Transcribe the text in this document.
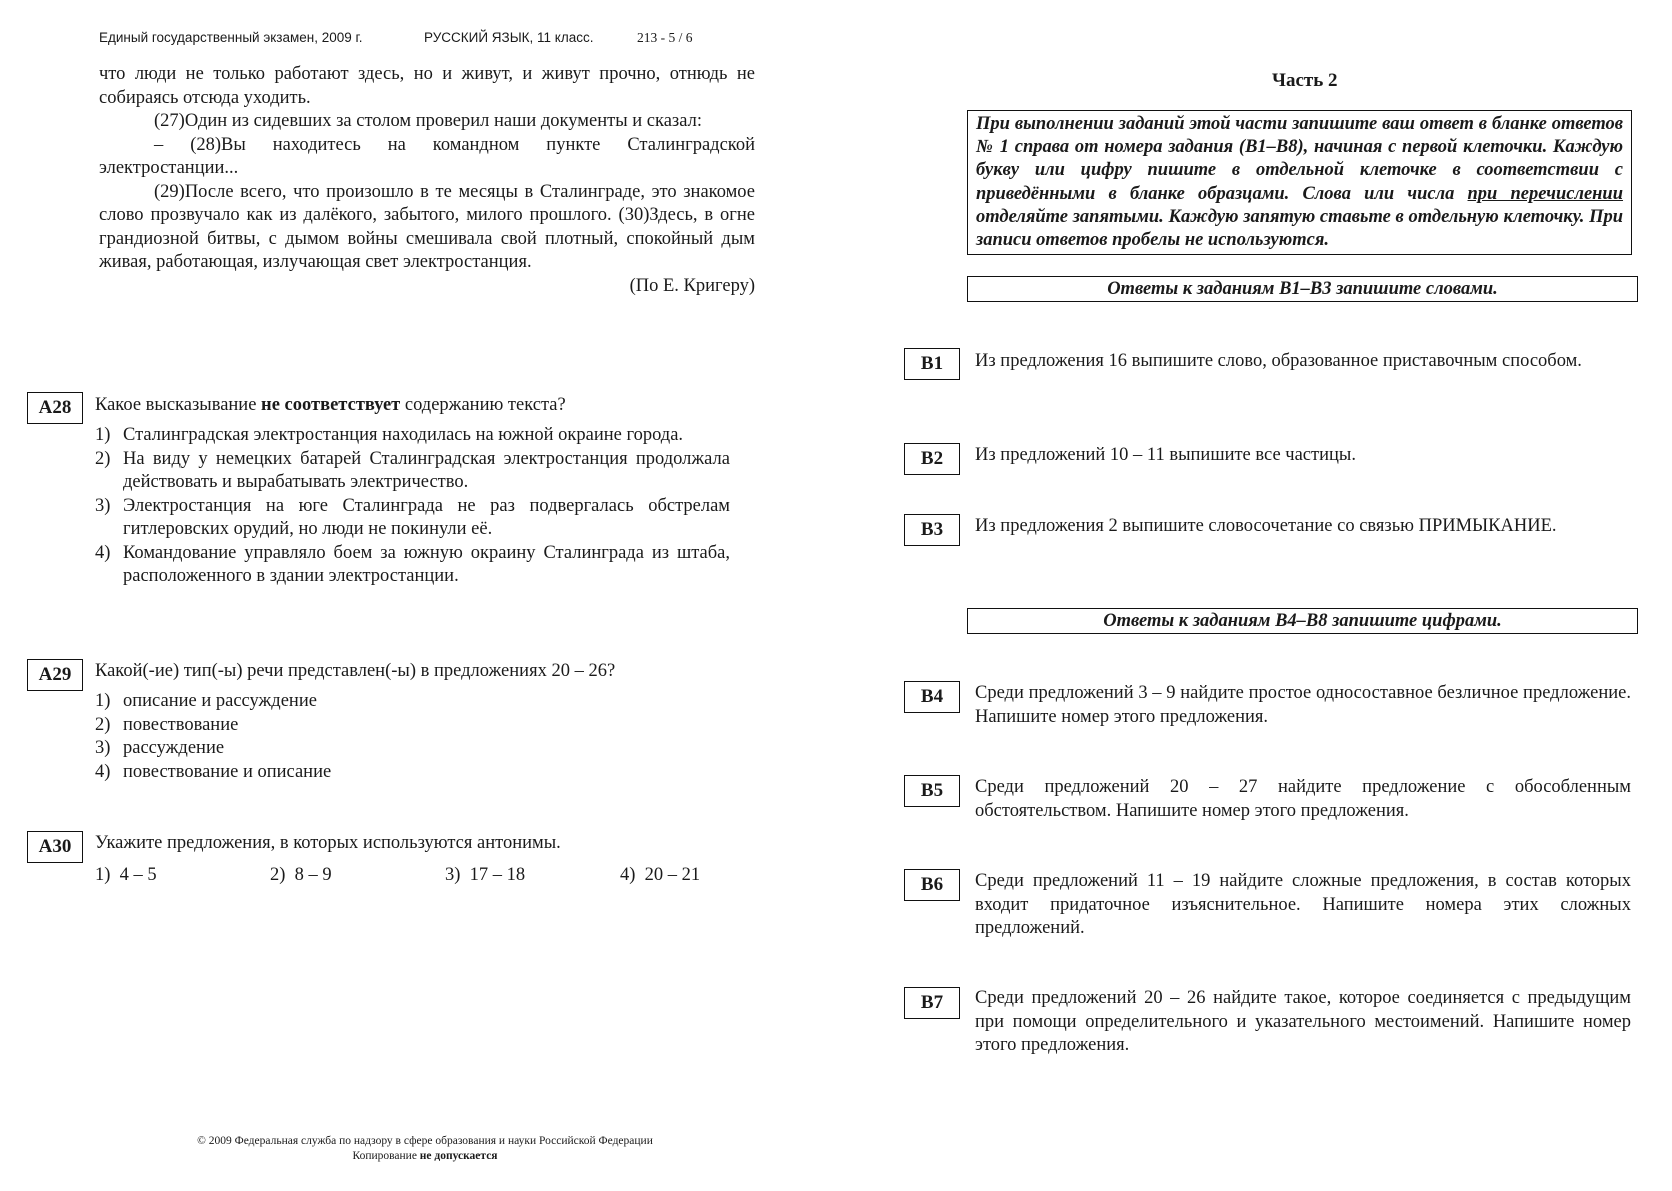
Единый государственный экзамен, 2009 г.	РУССКИЙ ЯЗЫК, 11 класс.	213 - 5 / 6

что люди не только работают здесь, но и живут, и живут прочно, отнюдь не собираясь отсюда уходить.

(27)Один из сидевших за столом проверил наши документы и сказал:

– (28)Вы находитесь на командном пункте Сталинградской электростанции...

(29)После всего, что произошло в те месяцы в Сталинграде, это знакомое слово прозвучало как из далёкого, забытого, милого прошлого. (30)Здесь, в огне грандиозной битвы, с дымом войны смешивала свой плотный, спокойный дым живая, работающая, излучающая свет электростанция.

(По Е. Кригеру)

A28	Какое высказывание не соответствует содержанию текста?
1) Сталинградская электростанция находилась на южной окраине города.
2) На виду у немецких батарей Сталинградская электростанция продолжала действовать и вырабатывать электричество.
3) Электростанция на юге Сталинграда не раз подвергалась обстрелам гитлеровских орудий, но люди не покинули её.
4) Командование управляло боем за южную окраину Сталинграда из штаба, расположенного в здании электростанции.
A29	Какой(-ие) тип(-ы) речи представлен(-ы) в предложениях 20 – 26?
1) описание и рассуждение
2) повествование
3) рассуждение
4) повествование и описание
A30	Укажите предложения, в которых используются антонимы.
1) 4 – 5	2) 8 – 9	3) 17 – 18	4) 20 – 21
© 2009 Федеральная служба по надзору в сфере образования и науки Российской Федерации
Копирование не допускается
Часть 2
При выполнении заданий этой части запишите ваш ответ в бланке ответов № 1 справа от номера задания (B1–B8), начиная с первой клеточки. Каждую букву или цифру пишите в отдельной клеточке в соответствии с приведёнными в бланке образцами. Слова или числа при перечислении отделяйте запятыми. Каждую запятую ставьте в отдельную клеточку. При записи ответов пробелы не используются.
Ответы к заданиям B1–B3 запишите словами.
B1	Из предложения 16 выпишите слово, образованное приставочным способом.
B2	Из предложений 10 – 11 выпишите все частицы.
B3	Из предложения 2 выпишите словосочетание со связью ПРИМЫКАНИЕ.
Ответы к заданиям B4–B8 запишите цифрами.
B4	Среди предложений 3 – 9 найдите простое односоставное безличное предложение. Напишите номер этого предложения.
B5	Среди предложений 20 – 27 найдите предложение с обособленным обстоятельством. Напишите номер этого предложения.
B6	Среди предложений 11 – 19 найдите сложные предложения, в состав которых входит придаточное изъяснительное. Напишите номера этих сложных предложений.
B7	Среди предложений 20 – 26 найдите такое, которое соединяется с предыдущим при помощи определительного и указательного местоимений. Напишите номер этого предложения.
